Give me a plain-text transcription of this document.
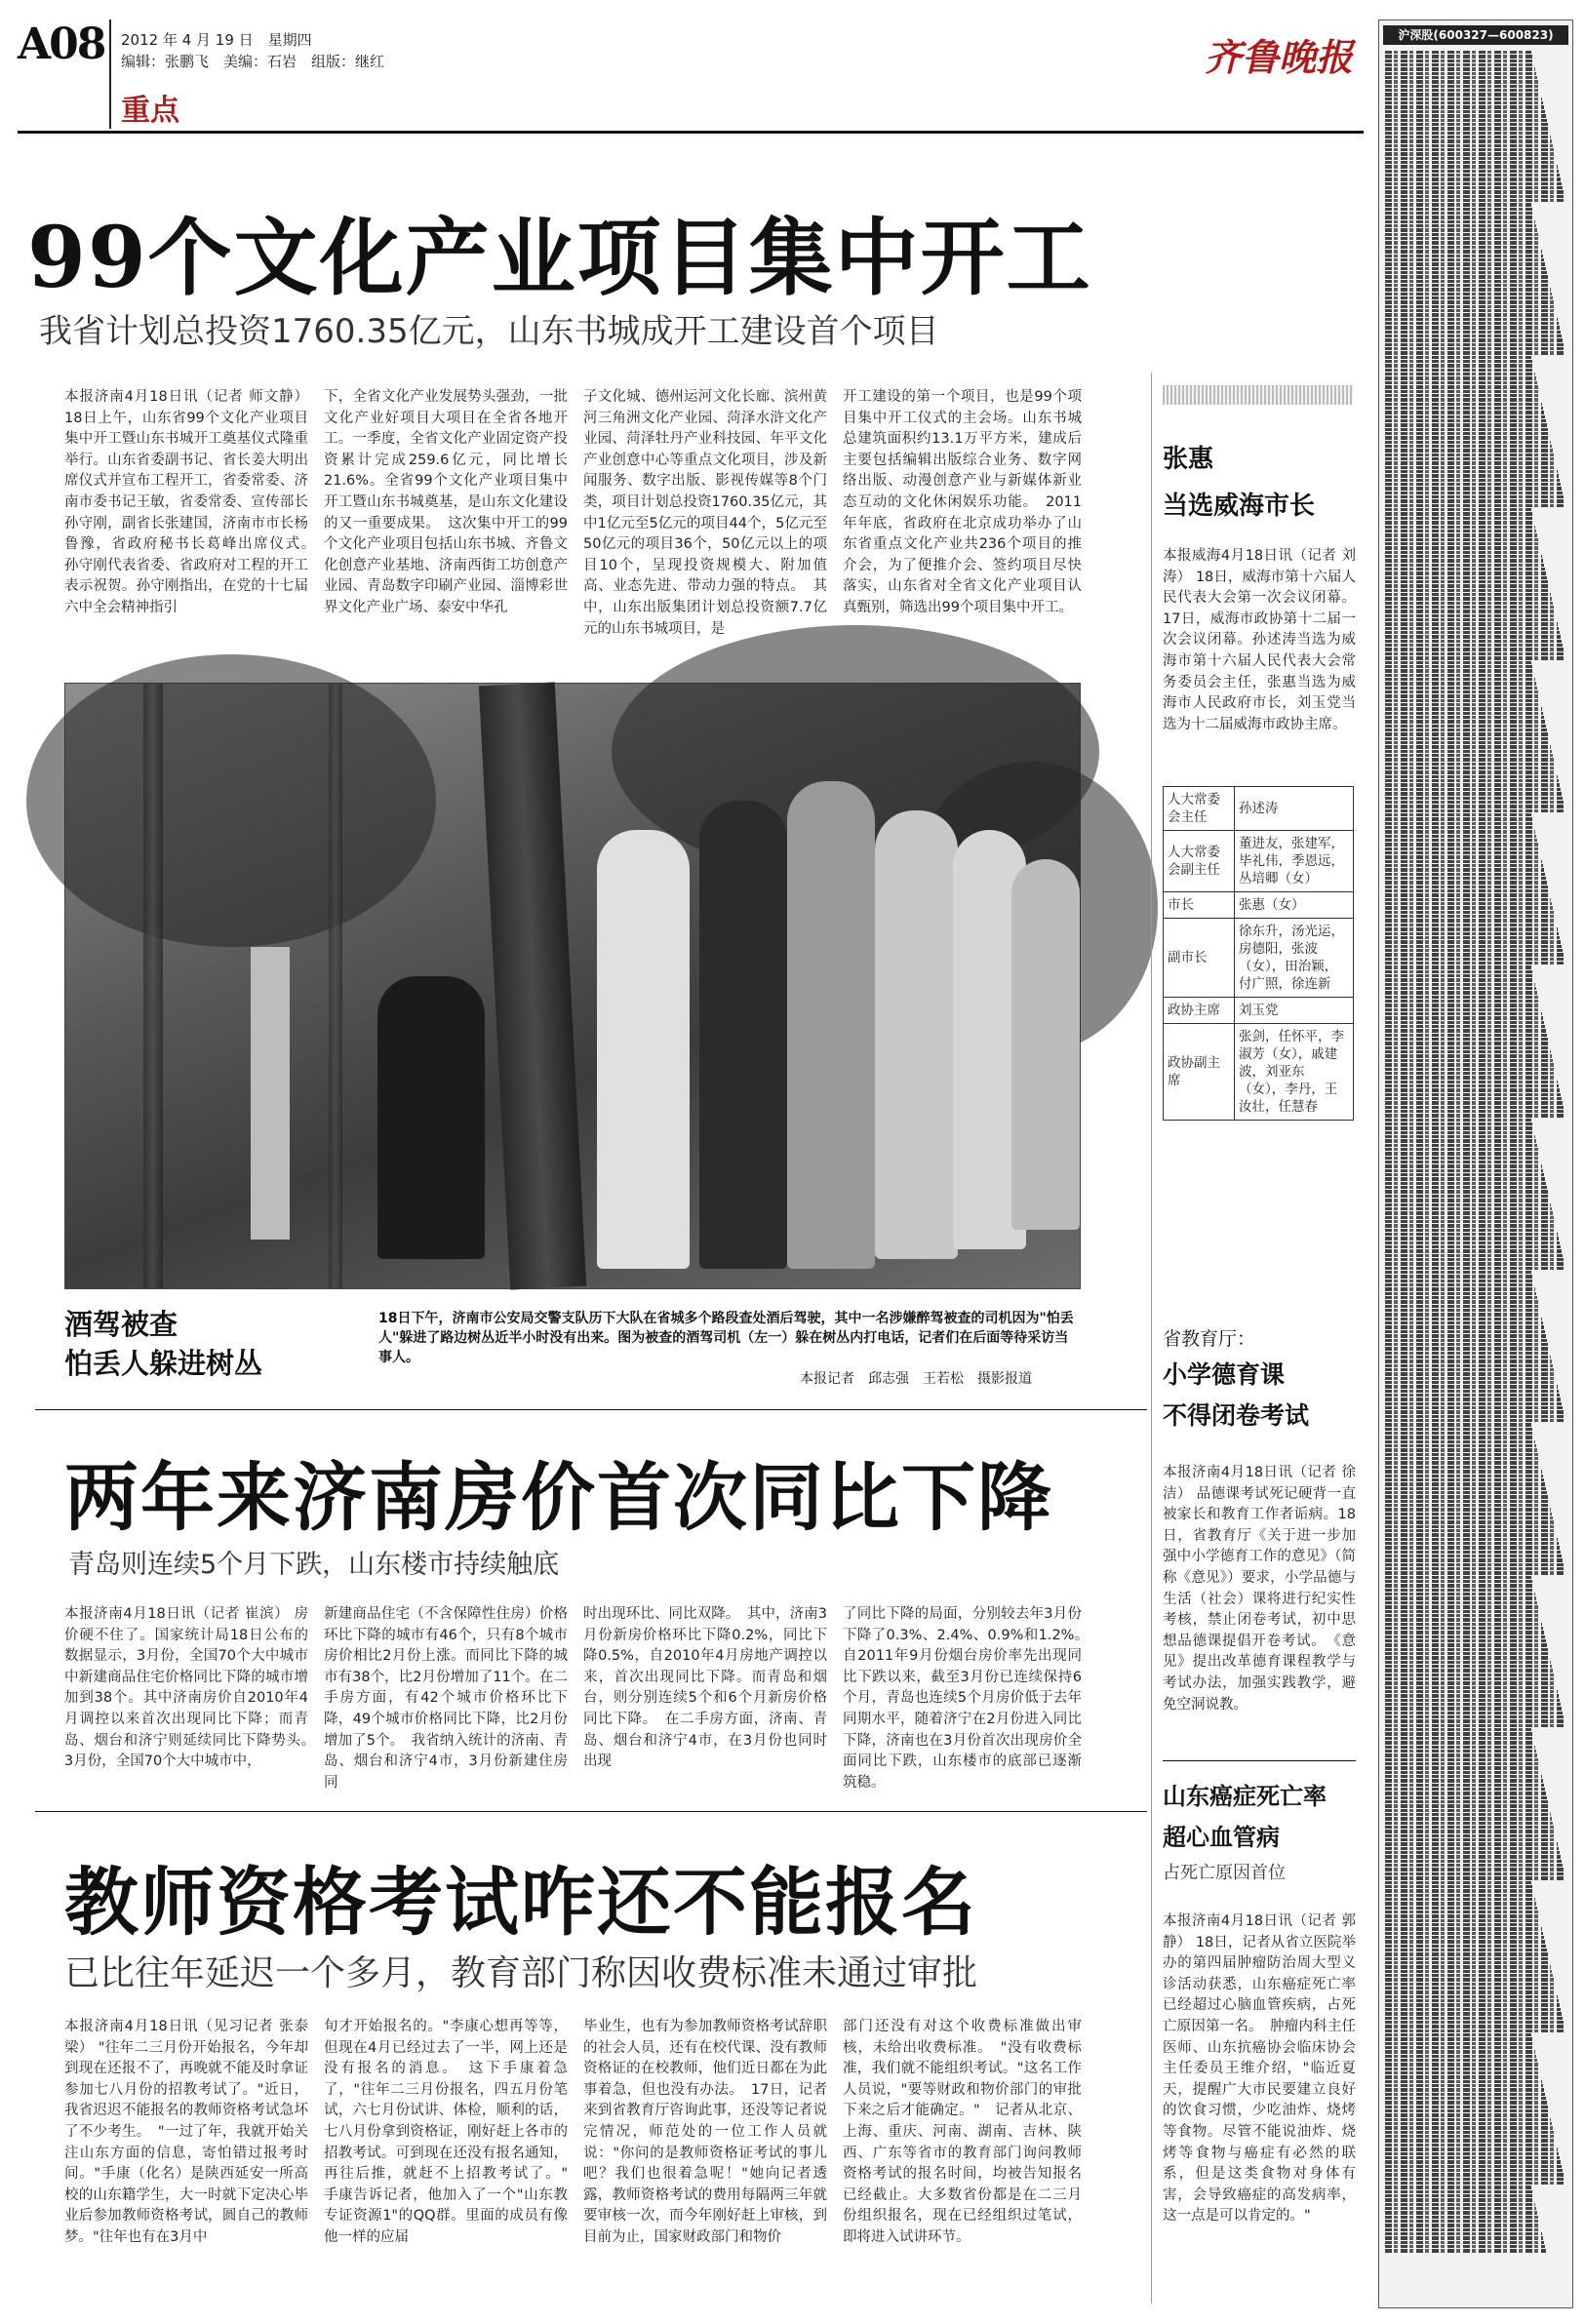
A08 2012 年 4 月 19 日　星期四
编辑：张鹏飞　美编：石岩　组版：继红
重点
齐鲁晚报	沪深股(600327—600823)
99个文化产业项目集中开工
我省计划总投资1760.35亿元，山东书城成开工建设首个项目
本报济南4月18日讯（记者 师文静） 18日上午，山东省99个文化产业项目集中开工暨山东书城开工奠基仪式隆重举行。山东省委副书记、省长姜大明出席仪式并宣布工程开工，省委常委、济南市委书记王敏，省委常委、宣传部长孙守刚，副省长张建国，济南市市长杨鲁豫，省政府秘书长葛峰出席仪式。　孙守刚代表省委、省政府对工程的开工表示祝贺。孙守刚指出，在党的十七届六中全会精神指引
下，全省文化产业发展势头强劲，一批文化产业好项目大项目在全省各地开工。一季度，全省文化产业固定资产投资累计完成259.6亿元，同比增长21.6%。全省99个文化产业项目集中开工暨山东书城奠基，是山东文化建设的又一重要成果。　这次集中开工的99个文化产业项目包括山东书城、齐鲁文化创意产业基地、济南西街工坊创意产业园、青岛数字印刷产业园、淄博彩世界文化产业广场、泰安中华孔
子文化城、德州运河文化长廊、滨州黄河三角洲文化产业园、菏泽水浒文化产业园、菏泽牡丹产业科技园、年平文化产业创意中心等重点文化项目，涉及新闻服务、数字出版、影视传媒等8个门类，项目计划总投资1760.35亿元，其中1亿元至5亿元的项目44个，5亿元至50亿元的项目36个，50亿元以上的项目10个，呈现投资规模大、附加值高、业态先进、带动力强的特点。　其中，山东出版集团计划总投资额7.7亿元的山东书城项目，是
开工建设的第一个项目，也是99个项目集中开工仪式的主会场。山东书城总建筑面积约13.1万平方米，建成后主要包括编辑出版综合业务、数字网络出版、动漫创意产业与新媒体新业态互动的文化休闲娱乐功能。　2011年年底，省政府在北京成功举办了山东省重点文化产业共236个项目的推介会，为了便推介会、签约项目尽快落实，山东省对全省文化产业项目认真甄别，筛选出99个项目集中开工。
酒驾被查
怕丢人躲进树丛
18日下午，济南市公安局交警支队历下大队在省城多个路段查处酒后驾驶，其中一名涉嫌醉驾被查的司机因为"怕丢人"躲进了路边树丛近半小时没有出来。图为被查的酒驾司机（左一）躲在树丛内打电话，记者们在后面等待采访当事人。
本报记者　邱志强　王若松　摄影报道
两年来济南房价首次同比下降
青岛则连续5个月下跌，山东楼市持续触底
本报济南4月18日讯（记者 崔滨） 房价硬不住了。国家统计局18日公布的数据显示，3月份，全国70个大中城市中新建商品住宅价格同比下降的城市增加到38个。其中济南房价自2010年4月调控以来首次出现同比下降；而青岛、烟台和济宁则延续同比下降势头。　3月份，全国70个大中城市中，
新建商品住宅（不含保障性住房）价格环比下降的城市有46个，只有8个城市房价相比2月份上涨。而同比下降的城市有38个，比2月份增加了11个。在二手房方面，有42个城市价格环比下降，49个城市价格同比下降，比2月份增加了5个。　我省纳入统计的济南、青岛、烟台和济宁4市，3月份新建住房同
时出现环比、同比双降。　其中，济南3月份新房价格环比下降0.2%，同比下降0.5%，自2010年4月房地产调控以来，首次出现同比下降。而青岛和烟台，则分别连续5个和6个月新房价格同比下降。　在二手房方面，济南、青岛、烟台和济宁4市，在3月份也同时出现
了同比下降的局面，分别较去年3月份下降了0.3%、2.4%、0.9%和1.2%。　自2011年9月份烟台房价率先出现同比下跌以来，截至3月份已连续保持6个月，青岛也连续5个月房价低于去年同期水平，随着济宁在2月份进入同比下降，济南也在3月份首次出现房价全面同比下跌，山东楼市的底部已逐渐筑稳。
教师资格考试咋还不能报名
已比往年延迟一个多月，教育部门称因收费标准未通过审批
本报济南4月18日讯（见习记者 张泰梁） "往年二三月份开始报名，今年却到现在还报不了，再晚就不能及时拿证参加七八月份的招教考试了。"近日，我省迟迟不能报名的教师资格考试急坏了不少考生。　"一过了年，我就开始关注山东方面的信息，寄怕错过报考时间。"手康（化名）是陕西延安一所高校的山东籍学生，大一时就下定决心毕业后参加教师资格考试，圆自己的教师梦。"往年也有在3月中
旬才开始报名的。"李康心想再等等，但现在4月已经过去了一半，网上还是没有报名的消息。　这下手康着急了，"往年二三月份报名，四五月份笔试，六七月份试讲、体检，顺利的话，七八月份拿到资格证，刚好赶上各市的招教考试。可到现在还没有报名通知，再往后推，就赶不上招教考试了。"　手康告诉记者，他加入了一个"山东教专证资源1"的QQ群。里面的成员有像他一样的应届
毕业生，也有为参加教师资格考试辞职的社会人员，还有在校代课、没有教师资格证的在校教师，他们近日都在为此事着急，但也没有办法。　17日，记者来到省教育厅咨询此事，还没等记者说完情况，师范处的一位工作人员就说："你问的是教师资格证考试的事儿吧？我们也很着急呢！"她向记者透露，教师资格考试的费用每隔两三年就要审核一次，而今年刚好赶上审核，到目前为止，国家财政部门和物价
部门还没有对这个收费标准做出审核，未给出收费标准。　"没有收费标准，我们就不能组织考试。"这名工作人员说，"要等财政和物价部门的审批下来之后才能确定。"　记者从北京、上海、重庆、河南、湖南、吉林、陕西、广东等省市的教育部门询问教师资格考试的报名时间，均被告知报名已经截止。大多数省份都是在二三月份组织报名，现在已经组织过笔试，即将进入试讲环节。
张惠
当选威海市长
本报威海4月18日讯（记者 刘涛） 18日，威海市第十六届人民代表大会第一次会议闭幕。17日，威海市政协第十二届一次会议闭幕。孙述涛当选为威海市第十六届人民代表大会常务委员会主任，张惠当选为威海市人民政府市长，刘玉党当选为十二届威海市政协主席。
人大常委会主任	孙述涛
人大常委会副主任	董进友，张建军，毕礼伟，季恩远，丛培卿（女）
市长	张惠（女）
副市长	徐东升，汤光运，房德阳，张波（女），田治颖，付广照，徐连新
政协主席	刘玉党
政协副主席	张剑，任怀平，李淑芳（女），戚建波，刘亚东（女），李丹，王汝壮，任慧春
省教育厅：
小学德育课
不得闭卷考试
本报济南4月18日讯（记者 徐洁） 品德课考试死记硬背一直被家长和教育工作者诟病。18日，省教育厅《关于进一步加强中小学德育工作的意见》（简称《意见》）要求，小学品德与生活（社会）课将进行纪实性考核，禁止闭卷考试，初中思想品德课提倡开卷考试。　《意见》提出改革德育课程教学与考试办法，加强实践教学，避免空洞说教。
山东癌症死亡率
超心血管病
占死亡原因首位
本报济南4月18日讯（记者 郭静） 18日，记者从省立医院举办的第四届肿瘤防治周大型义诊活动获悉，山东癌症死亡率已经超过心脑血管疾病，占死亡原因第一名。　肿瘤内科主任医师、山东抗癌协会临床协会主任委员王维介绍，"临近夏天，提醒广大市民要建立良好的饮食习惯，少吃油炸、烧烤等食物。尽管不能说油炸、烧烤等食物与癌症有必然的联系，但是这类食物对身体有害，会导致癌症的高发病率，这一点是可以肯定的。"
